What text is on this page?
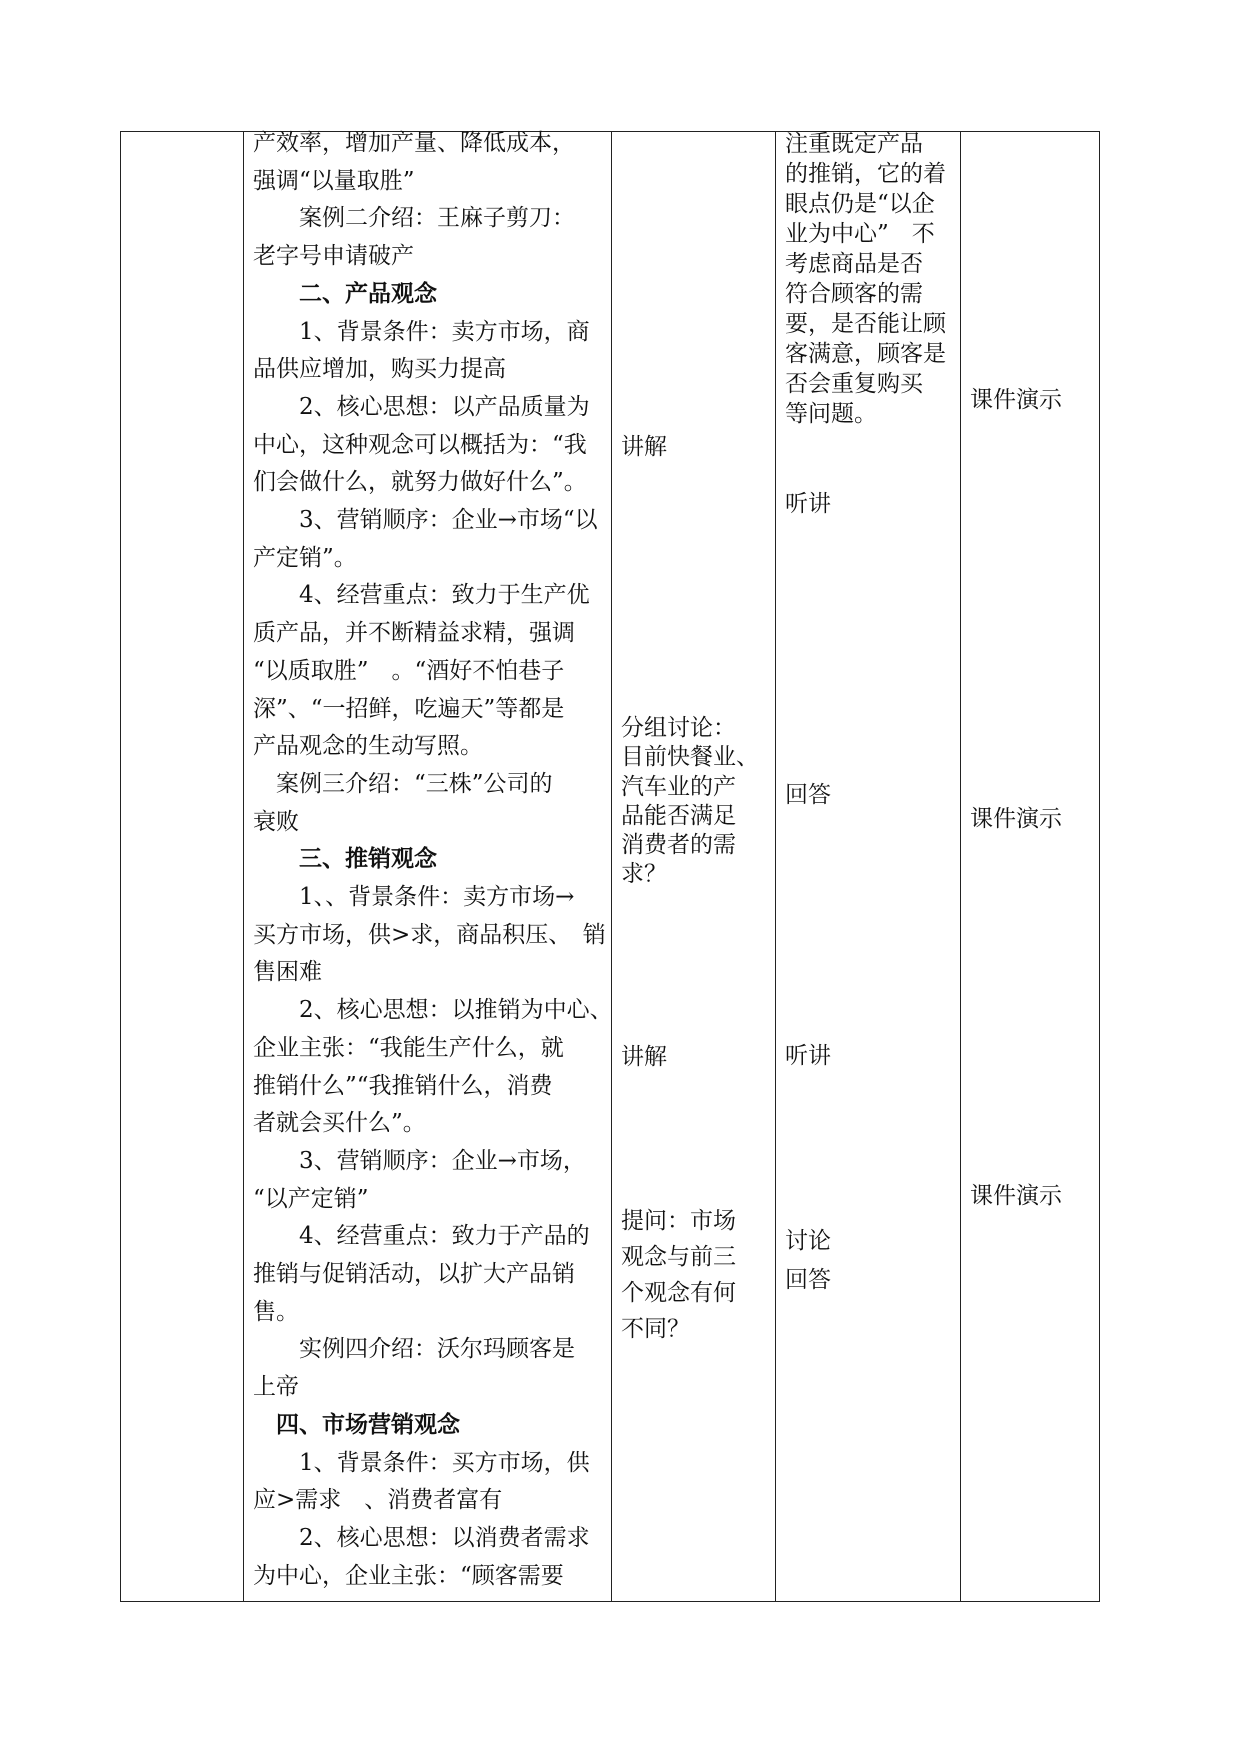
产效率，增加产量、降低成本，
强调“以量取胜”
　　案例二介绍：王麻子剪刀：
老字号申请破产
　　二、产品观念
　　1、背景条件：卖方市场，商
品供应增加，购买力提高
　　2、核心思想：以产品质量为
中心，这种观念可以概括为：“我
们会做什么，就努力做好什么”。
　　3、营销顺序：企业→市场“以
产定销”。
　　4、经营重点：致力于生产优
质产品，并不断精益求精，强调
“以质取胜”　。“酒好不怕巷子
深”、“一招鲜，吃遍天”等都是
产品观念的生动写照。
　案例三介绍：“三株”公司的
衰败
　　三、推销观念
　　1、、背景条件：卖方市场→
买方市场，供>求，商品积压、　销
售困难
　　2、核心思想：以推销为中心、
企业主张：“我能生产什么，就
推销什么”“我推销什么，消费
者就会买什么”。
　　3、营销顺序：企业→市场，
“以产定销”
　　4、经营重点：致力于产品的
推销与促销活动，以扩大产品销
售。
　　实例四介绍：沃尔玛顾客是
上帝
　四、市场营销观念
　　1、背景条件：买方市场，供
应>需求　、消费者富有
　　2、核心思想：以消费者需求
为中心，企业主张：“顾客需要
讲解
分组讨论：
目前快餐业、
汽车业的产
品能否满足
消费者的需
求？
讲解
提问：市场
观念与前三
个观念有何
不同？
注重既定产品
的推销，它的着
眼点仍是“以企
业为中心”　不
考虑商品是否
符合顾客的需
要，是否能让顾
客满意，顾客是
否会重复购买
等问题。
听讲
回答
听讲
讨论
回答
课件演示
课件演示
课件演示
